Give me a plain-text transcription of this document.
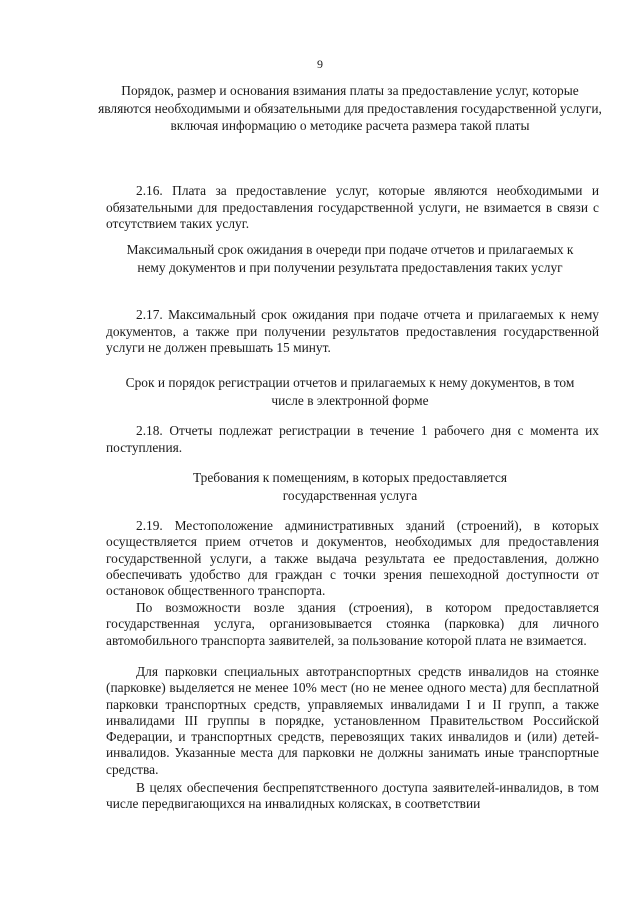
9
Порядок, размер и основания взимания платы за предоставление услуг, которые являются необходимыми и обязательными для предоставления государственной услуги, включая информацию о методике расчета размера такой платы
2.16. Плата за предоставление услуг, которые являются необходимыми и обязательными для предоставления государственной услуги, не взимается в связи с отсутствием таких услуг.
Максимальный срок ожидания в очереди при подаче отчетов и прилагаемых к нему документов и при получении результата предоставления таких услуг
2.17. Максимальный срок ожидания при подаче отчета и прилагаемых к нему документов, а также при получении результатов предоставления государственной услуги не должен превышать 15 минут.
Срок и порядок регистрации отчетов и прилагаемых к нему документов, в том числе в электронной форме
2.18. Отчеты подлежат регистрации в течение 1 рабочего дня с момента их поступления.
Требования к помещениям, в которых предоставляется государственная услуга
2.19. Местоположение административных зданий (строений), в которых осуществляется прием отчетов и документов, необходимых для предоставления государственной услуги, а также выдача результата ее предоставления, должно обеспечивать удобство для граждан с точки зрения пешеходной доступности от остановок общественного транспорта.
По возможности возле здания (строения), в котором предоставляется государственная услуга, организовывается стоянка (парковка) для личного автомобильного транспорта заявителей, за пользование которой плата не взимается.
Для парковки специальных автотранспортных средств инвалидов на стоянке (парковке) выделяется не менее 10% мест (но не менее одного места) для бесплатной парковки транспортных средств, управляемых инвалидами I и II групп, а также инвалидами III группы в порядке, установленном Правительством Российской Федерации, и транспортных средств, перевозящих таких инвалидов и (или) детей-инвалидов. Указанные места для парковки не должны занимать иные транспортные средства.
В целях обеспечения беспрепятственного доступа заявителей-инвалидов, в том числе передвигающихся на инвалидных колясках, в соответствии
